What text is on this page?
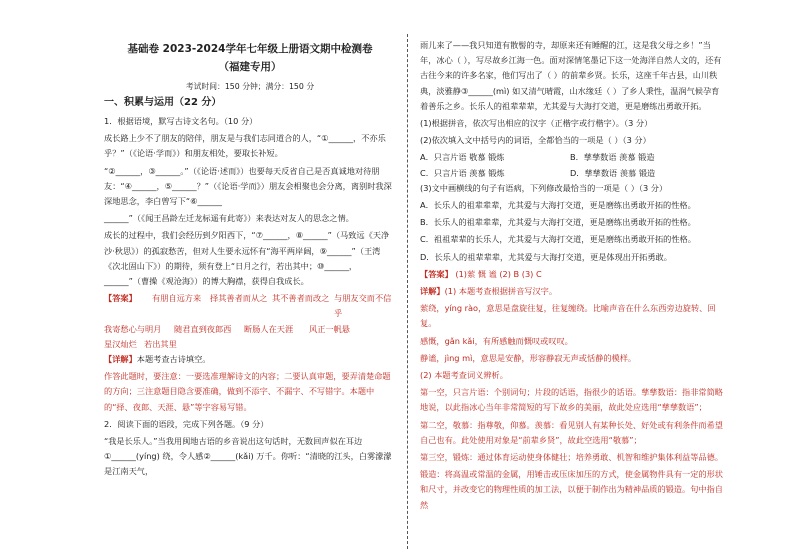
基础卷 2023-2024学年七年级上册语文期中检测卷
（福建专用）
考试时间：150 分钟；满分：150 分
一、积累与运用（22 分）
1．根据语境，默写古诗文名句。（10 分）
成长路上少不了朋友的陪伴，朋友是与我们志同道合的人，“①______，不亦乐乎？”（《论语·学而》）和朋友相处，要取长补短。
“②______，③______。”（《论语·述而》）也要每天反省自己是否真诚地对待朋友：“④______，⑤______？”（《论语·学而》）朋友会相聚也会分离，离别时我深深地思念，李白曾写下“⑥______
______”（《闻王昌龄左迁龙标遥有此寄》）来表达对友人的思念之情。
成长的过程中，我们会经历到夕阳西下，“⑦______，⑧______”（马致远《天净沙·秋思》）的孤寂愁苦，但对人生要永远怀有“海平两岸阔，⑨______”（王湾《次北固山下》）的期待，须有登上“日月之行，若出其中；⑩______，______”（曹操《观沧海》）的博大胸襟，获得自我成长。
【答案】	有朋自远方来	择其善者而从之 其不善者而改之 与朋友交而不信乎
我寄愁心与明月	随君直到夜郎西	断肠人在天涯	风正一帆悬
星汉灿烂 若出其里
【详解】本题考查古诗填空。
作答此题时，要注意：一要选准理解诗文的内容；二要认真审题，要弄清楚命题的方向；三注意题目隐含要准确，做到不添字、不漏字、不写错字。本题中的“择、夜郎、天涯、悬”等字容易写错。
2．阅读下面的语段，完成下列各题。（9 分）
“我是长乐人。”当我用闽地古语的乡音说出这句话时，无数回声似在耳边①______(yíng) 绕，令人感②______(kǎi) 万千。你听：“清晓的江头，白雾濛濛 是江南天气，
雨儿来了——我只知道有散髻的寺，却原来还有睡醒的江，这是我父母之乡！”当年，冰心（ ），写尽故乡江海一色。面对深情笔墨记下这一处海洋自然人文的，还有古往今来的许多名家，他们写出了（ ）的前辈乡贤。长乐，这座千年古县，山川秩典，淡雅静③______(mì) 如又清气晴霞，山水缘廷（ ）了乡人秉性，温润气候孕育着善乐之乡。长乐人的祖辈辈辈，尤其爱与大海打交道，更是磨练出勇敢开拓。
(1)根据拼音，依次写出相应的汉字（正楷字或行楷字）。（3 分）
(2)依次填入文中括号内的词语，全都恰当的一项是（ ）（3 分）
A．只言片语 敬慕 锻炼	B．孳孳数语 羡慕 锻造
C．只言片语 羡慕 锻炼	D．孳孳数语 羡慕 锻造
(3)文中画横线的句子有语病，下列修改最恰当的一项是（ ）（3 分）
A．长乐人的祖辈辈辈，尤其爱与大海打交道，更是磨练出勇敢开拓的性格。
B．长乐人的祖辈辈辈，尤其爱与大海打交道，更是磨练出勇敢开拓的性格。
C．祖祖辈辈的长乐人，尤其爱与大海打交道，更是磨练出勇敢开拓的性格。
D．长乐人的祖辈辈辈，尤其爱与大海打交道，更是体现出开拓勇敢。
【答案】 (1)萦 慨 谧 (2) B (3) C
详解】(1) 本题考查根据拼音写汉字。
萦绕，yíng rào，意思是盘旋往复，往复缠绕。比喻声音在什么东西旁边旋转、回复。
感慨，gǎn kǎi，有所感触而慨叹或叹叹。
静谧，jìng mì，意思是安静，形容静寂无声或恬静的模样。
(2) 本题考查词义辨析。
第一空，只言片语：个别词句；片段的话语，指很少的话语。孳孳数语：指非常简略地说，以此指冰心当年非常简短的写下故乡的美丽，故此处应选用“孳孳数语”；
第二空，敬慕：指尊敬，仰慕。羡慕：看见别人有某种长处、好处或有利条件而希望自己也有。此处使用对象是“前辈乡贤”，故此空选用“敬慕”；
第三空，锻炼：通过体育运动使身体健壮；培养勇敢、机智和维护集体利益等品德。
锻造：将高温或常温的金属，用锤击或压床加压的方式，使金属物件具有一定的形状和尺寸，并改变它的物理性质的加工法，以便于制作出为精神品质的锻造。句中指自然
